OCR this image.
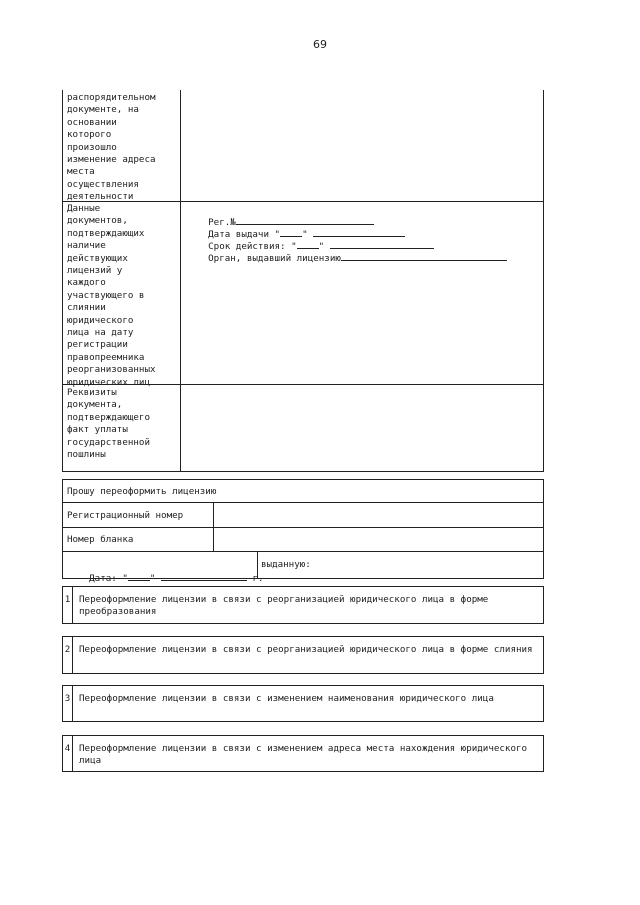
69
распорядительном
документе, на
основании
которого
произошло
изменение адреса
места
осуществления
деятельности
Данные
документов,
подтверждающих
наличие
действующих
лицензий у
каждого
участвующего в
слиянии
юридического
лица на дату
регистрации
правопреемника
реорганизованных
юридических лиц
Реквизиты
документа,
подтверждающего
факт уплаты
государственной
пошлины

Рег.№

Дата выдачи " "

Срок действия: " "

Орган, выдавший лицензию

Прошу переоформить лицензию
Регистрационный номер
Номер бланка

Дата: " "	г.

выданную:
1 Переоформление лицензии в связи с реорганизацией юридического лица в форме преобразования
2 Переоформление лицензии в связи с реорганизацией юридического лица в форме слияния
3 Переоформление лицензии в связи с изменением наименования юридического лица
4 Переоформление лицензии в связи с изменением адреса места нахождения юридического лица
